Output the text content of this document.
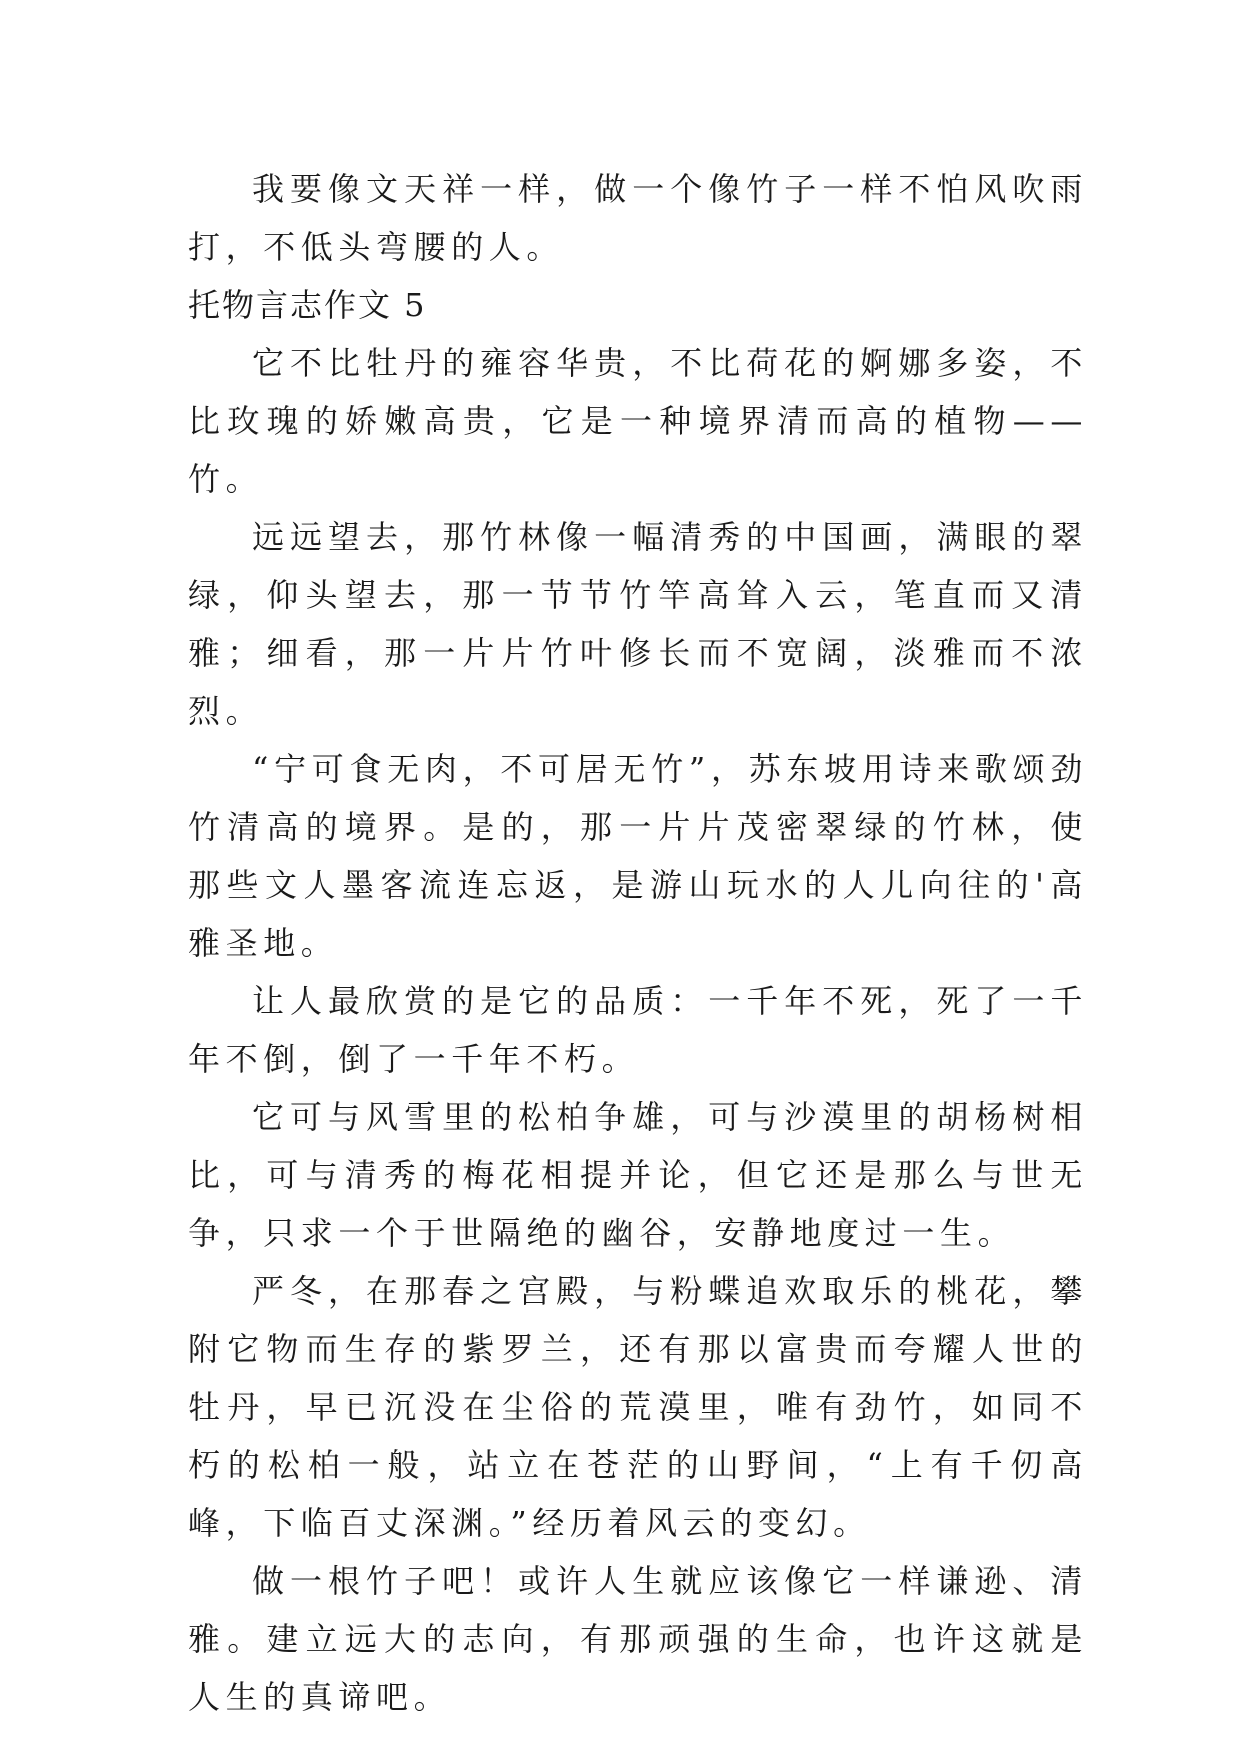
我要像文天祥一样，做一个像竹子一样不怕风吹雨打，不低头弯腰的人。

托物言志作文 5

它不比牡丹的雍容华贵，不比荷花的婀娜多姿，不比玫瑰的娇嫩高贵，它是一种境界清而高的植物——竹。

远远望去，那竹林像一幅清秀的中国画，满眼的翠绿，仰头望去，那一节节竹竿高耸入云，笔直而又清雅；细看，那一片片竹叶修长而不宽阔，淡雅而不浓烈。

“宁可食无肉，不可居无竹”，苏东坡用诗来歌颂劲竹清高的境界。是的，那一片片茂密翠绿的竹林，使那些文人墨客流连忘返，是游山玩水的人儿向往的'高雅圣地。

让人最欣赏的是它的品质：一千年不死，死了一千年不倒，倒了一千年不朽。

它可与风雪里的松柏争雄，可与沙漠里的胡杨树相比，可与清秀的梅花相提并论，但它还是那么与世无争，只求一个于世隔绝的幽谷，安静地度过一生。

严冬，在那春之宫殿，与粉蝶追欢取乐的桃花，攀附它物而生存的紫罗兰，还有那以富贵而夸耀人世的牡丹，早已沉没在尘俗的荒漠里，唯有劲竹，如同不朽的松柏一般，站立在苍茫的山野间，“上有千仞高峰，下临百丈深渊。”经历着风云的变幻。

做一根竹子吧！或许人生就应该像它一样谦逊、清雅。建立远大的志向，有那顽强的生命，也许这就是人生的真谛吧。
